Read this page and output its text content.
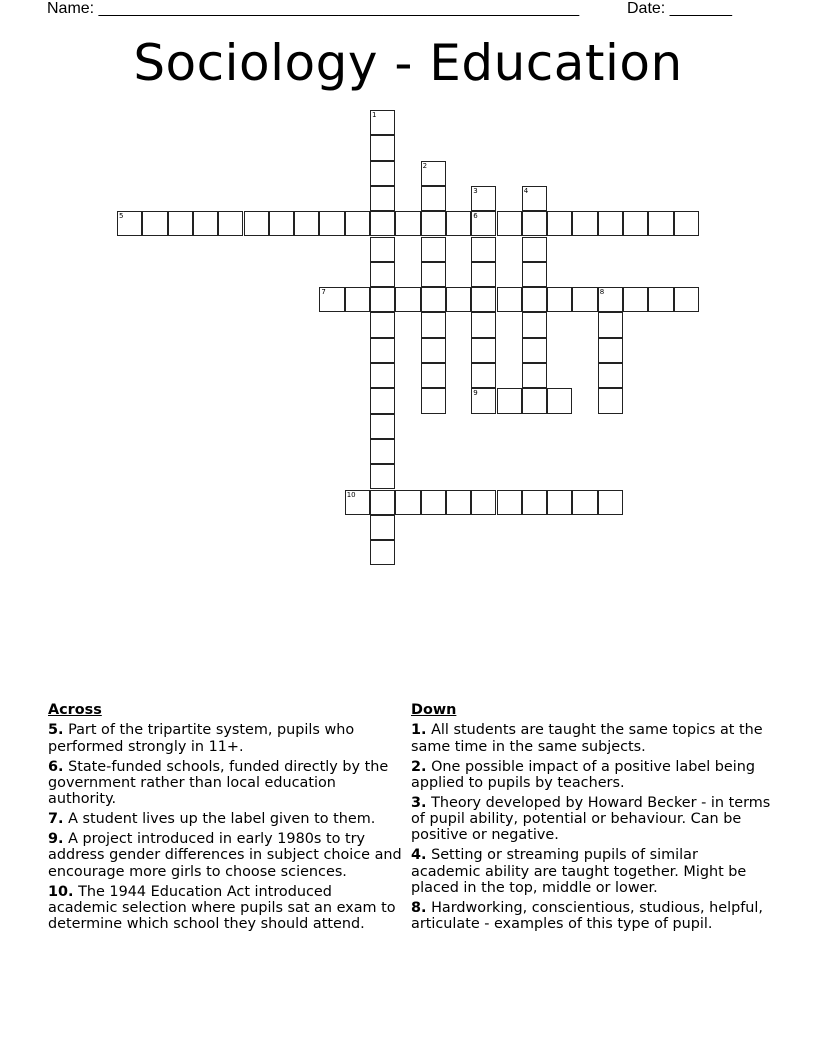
Name: ______________________________________________________	Date: _______
Sociology - Education
1
2
3
6
4
5
7	8
9
10
Across
5. Part of the tripartite system, pupils who performed strongly in 11+.
6. State-funded schools, funded directly by the government rather than local education authority.
7. A student lives up the label given to them.
9. A project introduced in early 1980s to try address gender differences in subject choice and encourage more girls to choose sciences.
10. The 1944 Education Act introduced academic selection where pupils sat an exam to determine which school they should attend.
Down
1. All students are taught the same topics at the same time in the same subjects.
2. One possible impact of a positive label being applied to pupils by teachers.
3. Theory developed by Howard Becker - in terms of pupil ability, potential or behaviour. Can be positive or negative.
4. Setting or streaming pupils of similar academic ability are taught together. Might be placed in the top, middle or lower.
8. Hardworking, conscientious, studious, helpful, articulate - examples of this type of pupil.
